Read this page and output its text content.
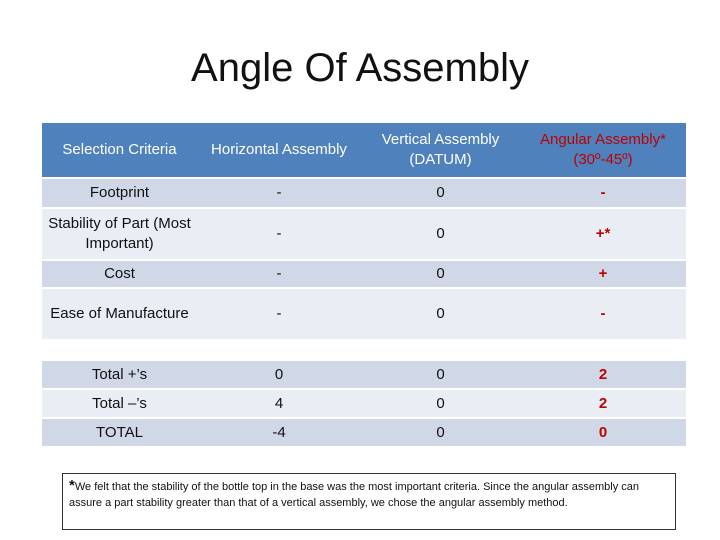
Angle Of Assembly
Selection Criteria	Horizontal Assembly	Vertical Assembly (DATUM)	Angular Assembly* (30º-45º)
Footprint	-	0	-
Stability of Part (Most Important)	-	0	+*
Cost	-	0	+
Ease of Manufacture	-	0	-

Total +’s	0	0	2
Total –’s	4	0	2
TOTAL	-4	0	0
*We felt that the stability of the bottle top in the base was the most important criteria. Since the angular assembly can assure a part stability greater than that of a vertical assembly, we chose the angular assembly method.
